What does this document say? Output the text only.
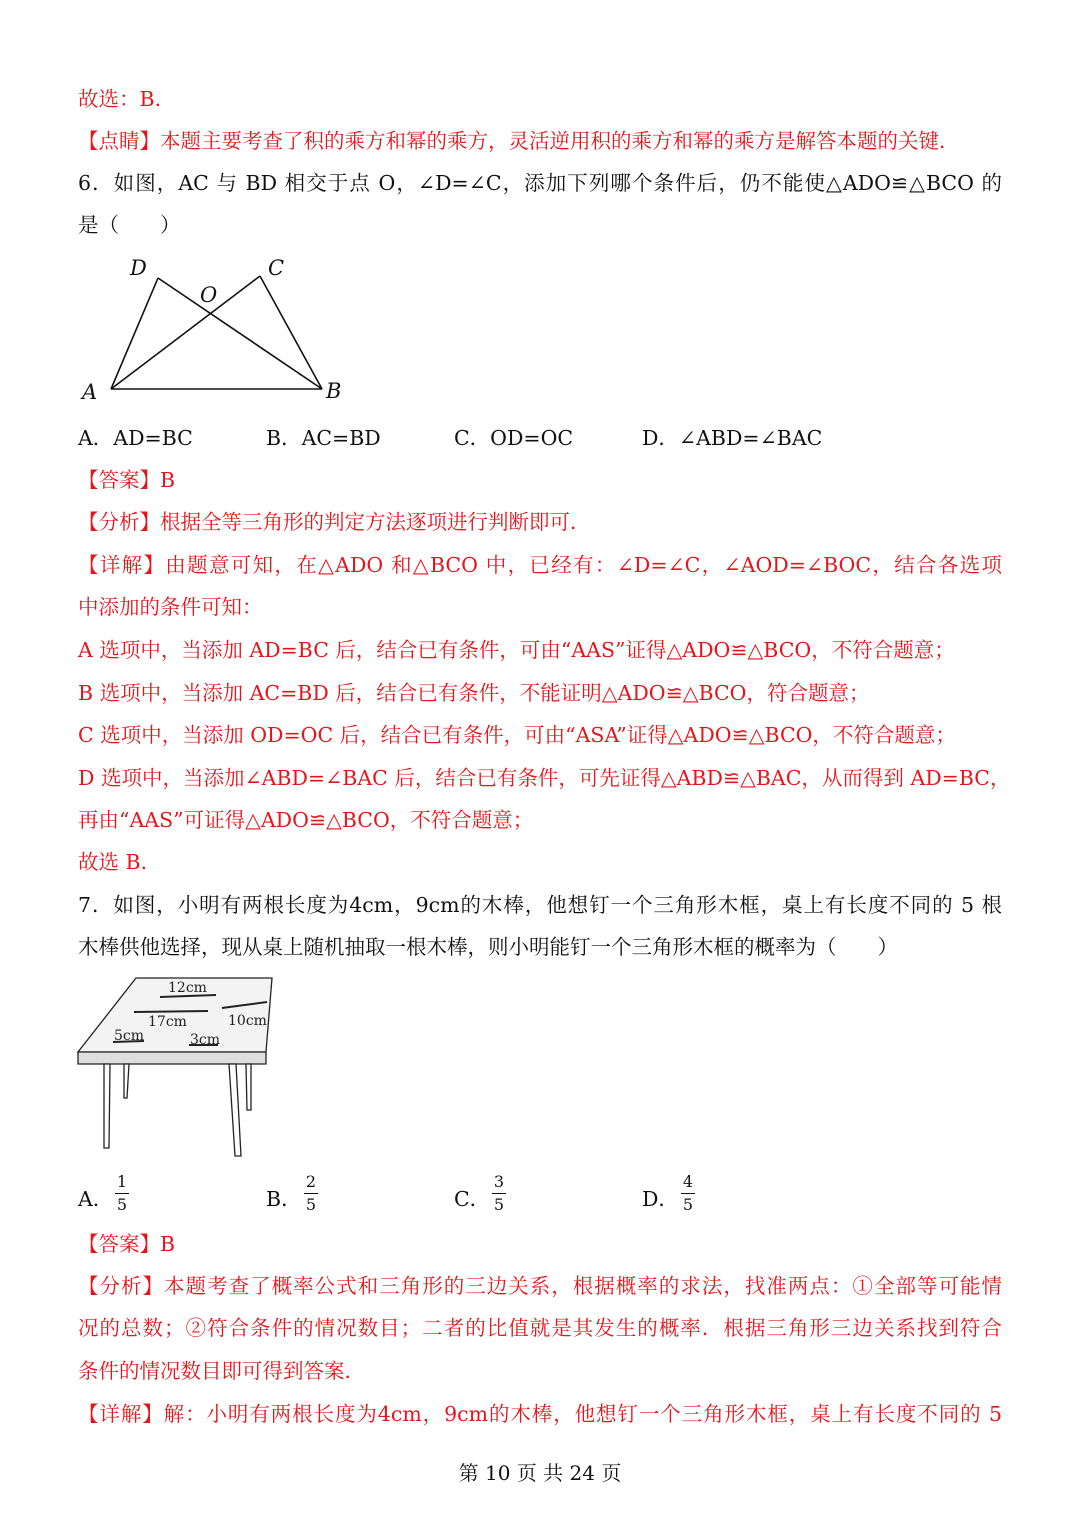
故选：B．
【点睛】本题主要考查了积的乘方和幂的乘方，灵活逆用积的乘方和幂的乘方是解答本题的关键．
6．如图，AC 与 BD 相交于点 O，∠D=∠C，添加下列哪个条件后，仍不能使△ADO≌△BCO 的
是（　　）
D	C
O
A	B
A．AD=BC	B．AC=BD	C．OD=OC	D．∠ABD=∠BAC
【答案】B
【分析】根据全等三角形的判定方法逐项进行判断即可．
【详解】由题意可知，在△ADO 和△BCO 中，已经有：∠D=∠C，∠AOD=∠BOC，结合各选项
中添加的条件可知：
A 选项中，当添加 AD=BC 后，结合已有条件，可由“AAS”证得△ADO≌△BCO，不符合题意；
B 选项中，当添加 AC=BD 后，结合已有条件，不能证明△ADO≌△BCO，符合题意；
C 选项中，当添加 OD=OC 后，结合已有条件，可由“ASA”证得△ADO≌△BCO，不符合题意；
D 选项中，当添加∠ABD=∠BAC 后，结合已有条件，可先证得△ABD≌△BAC，从而得到 AD=BC，
再由“AAS”可证得△ADO≌△BCO，不符合题意；
故选 B．
7．如图，小明有两根长度为4cm，9cm的木棒，他想钉一个三角形木框，桌上有长度不同的 5 根
木棒供他选择，现从桌上随机抽取一根木棒，则小明能钉一个三角形木框的概率为（　　）
12cm
17cm	10cm
5cm	3cm
A． $\frac{1}{5}$	B． $\frac{2}{5}$	C． $\frac{3}{5}$	D． $\frac{4}{5}$
【答案】B
【分析】本题考查了概率公式和三角形的三边关系，根据概率的求法，找准两点：①全部等可能情
况的总数；②符合条件的情况数目；二者的比值就是其发生的概率．根据三角形三边关系找到符合
条件的情况数目即可得到答案．
【详解】解：小明有两根长度为4cm，9cm的木棒，他想钉一个三角形木框，桌上有长度不同的 5
第 10 页 共 24 页
